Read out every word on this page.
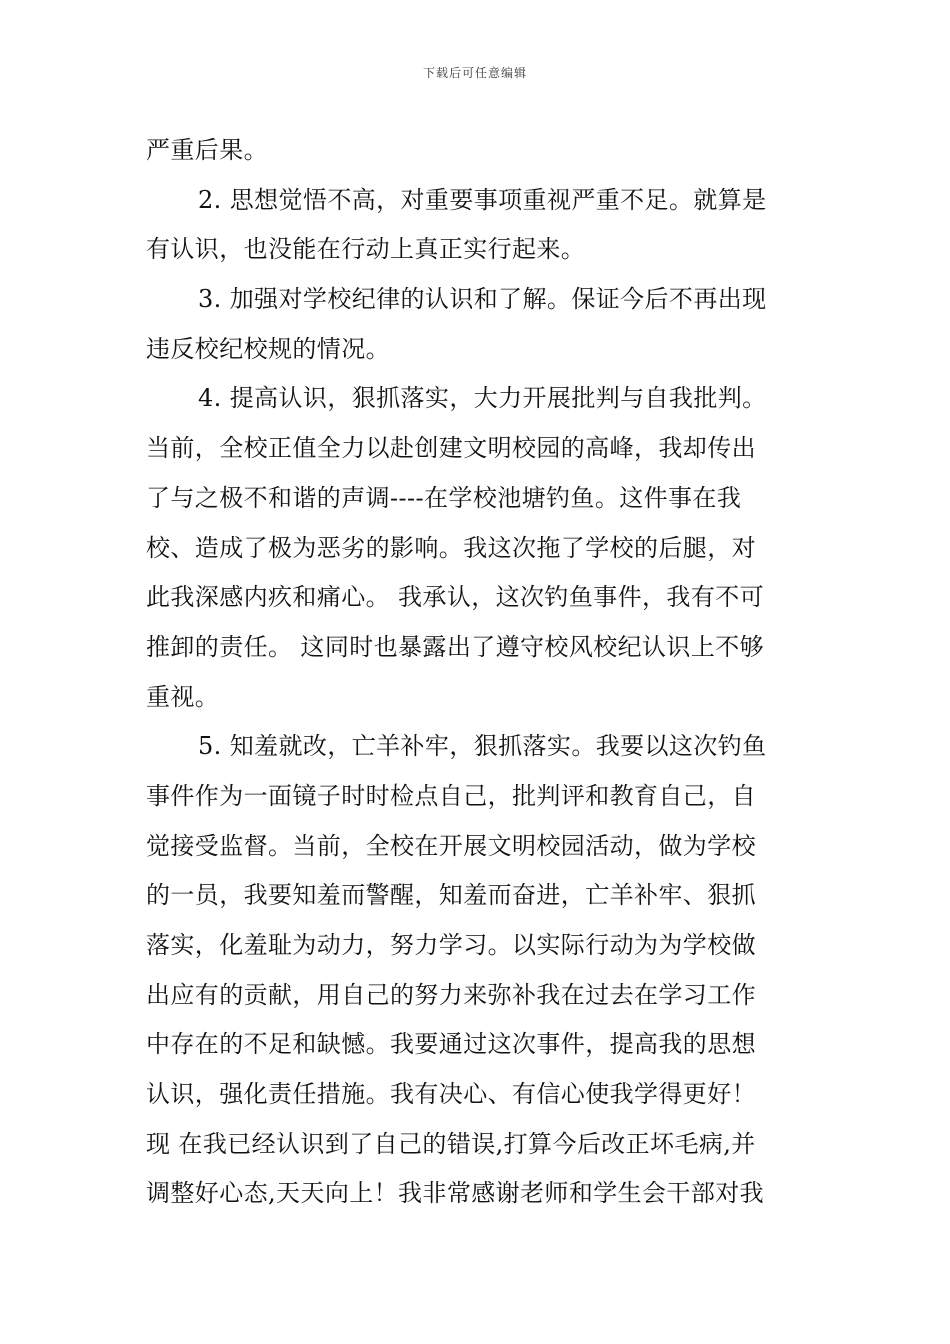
下载后可任意编辑
严重后果。
2. 思想觉悟不高，对重要事项重视严重不足。就算是
有认识，也没能在行动上真正实行起来。
3. 加强对学校纪律的认识和了解。保证今后不再出现
违反校纪校规的情况。
4. 提高认识，狠抓落实，大力开展批判与自我批判。
当前，全校正值全力以赴创建文明校园的高峰，我却传出
了与之极不和谐的声调----在学校池塘钓鱼。这件事在我
校、造成了极为恶劣的影响。我这次拖了学校的后腿，对
此我深感内疚和痛心。 我承认，这次钓鱼事件，我有不可
推卸的责任。 这同时也暴露出了遵守校风校纪认识上不够
重视。
5. 知羞就改，亡羊补牢，狠抓落实。我要以这次钓鱼
事件作为一面镜子时时检点自己，批判评和教育自己，自
觉接受监督。当前，全校在开展文明校园活动，做为学校
的一员，我要知羞而警醒，知羞而奋进，亡羊补牢、狠抓
落实，化羞耻为动力，努力学习。以实际行动为为学校做
出应有的贡献，用自己的努力来弥补我在过去在学习工作
中存在的不足和缺憾。我要通过这次事件，提高我的思想
认识，强化责任措施。我有决心、有信心使我学得更好！
现 在我已经认识到了自己的错误,打算今后改正坏毛病,并
调整好心态,天天向上！我非常感谢老师和学生会干部对我
